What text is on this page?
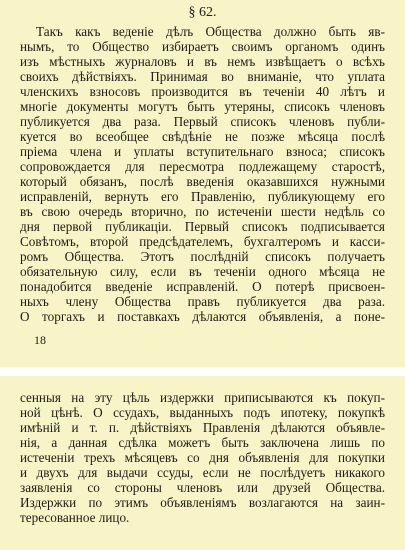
§ 62.
Такъ какъ веденіе дѣлъ Общества должно быть яв-
нымъ, то Общество избираетъ своимъ органомъ одинъ
изъ мѣстныхъ журналовъ и въ немъ извѣщаетъ о всѣхъ
своихъ дѣйствіяхъ. Принимая во вниманіе, что уплата
членскихъ взносовъ производится въ теченіи 40 лѣтъ и
многіе документы могутъ быть утеряны, списокъ членовъ
публикуется два раза. Первый списокъ членовъ публи-
куется во всеобщее свѣдѣніе не позже мѣсяца послѣ
пріема члена и уплаты вступительнаго взноса; списокъ
сопровождается для пересмотра подлежащему старостѣ,
который обязанъ, послѣ введенія оказавшихся нужными
исправленій, вернуть его Правленію, публикующему его
въ свою очередь вторично, по истеченіи шести недѣль со
дня первой публикаціи. Первый списокъ подписывается
Совѣтомъ, второй предсѣдателемъ, бухгалтеромъ и касси-
ромъ Общества. Этотъ послѣдній списокъ получаетъ
обязательную силу, если въ теченіи одного мѣсяца не
понадобится введеніе исправленій. О потерѣ присвоен-
ныхъ члену Общества правъ публикуется два раза.
О торгахъ и поставкахъ дѣлаются объявленія, а поне-
18
сенныя на эту цѣль издержки приписываются къ покуп-
ной цѣнѣ. О ссудахъ, выданныхъ подъ ипотеку, покупкѣ
имѣній и т. п. дѣйствіяхъ Правленія дѣлаются объявле-
нія, а данная сдѣлка можетъ быть заключена лишь по
истеченіи трехъ мѣсяцевъ со дня объявленія для покупки
и двухъ для выдачи ссуды, если не послѣдуетъ никакого
заявленія со стороны членовъ или друзей Общества.
Издержки по этимъ объявленіямъ возлагаются на заин-
тересованное лицо.
